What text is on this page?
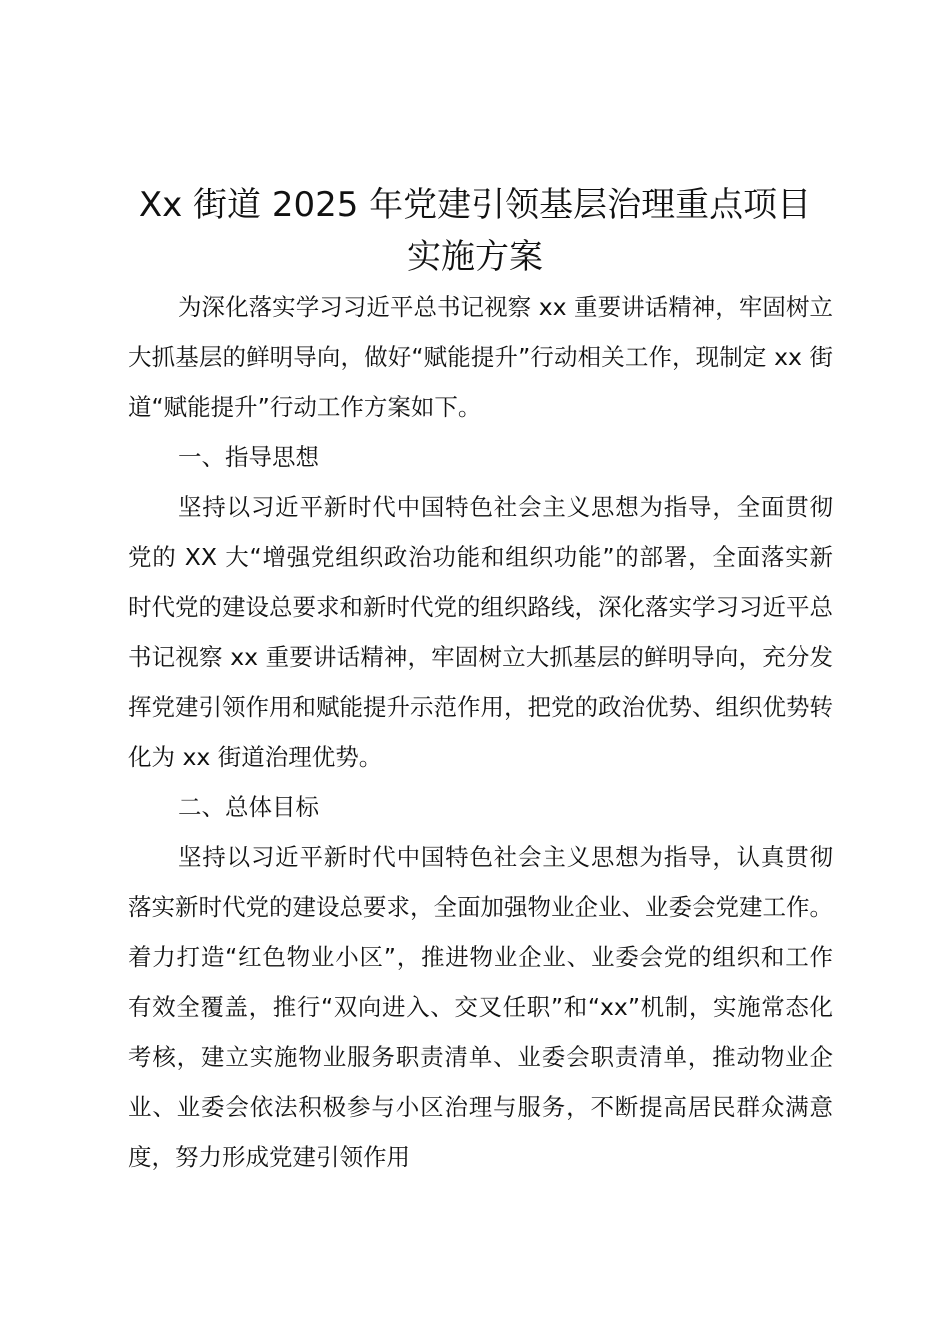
Xx 街道 2025 年党建引领基层治理重点项目
实施方案

为深化落实学习习近平总书记视察 xx 重要讲话精神，牢固树立大抓基层的鲜明导向，做好“赋能提升”行动相关工作，现制定 xx 街道“赋能提升”行动工作方案如下。

一、指导思想

坚持以习近平新时代中国特色社会主义思想为指导，全面贯彻党的 XX 大“增强党组织政治功能和组织功能”的部署，全面落实新时代党的建设总要求和新时代党的组织路线，深化落实学习习近平总书记视察 xx 重要讲话精神，牢固树立大抓基层的鲜明导向，充分发挥党建引领作用和赋能提升示范作用，把党的政治优势、组织优势转化为 xx 街道治理优势。

二、总体目标

坚持以习近平新时代中国特色社会主义思想为指导，认真贯彻落实新时代党的建设总要求，全面加强物业企业、业委会党建工作。着力打造“红色物业小区”，推进物业企业、业委会党的组织和工作有效全覆盖，推行“双向进入、交叉任职”和“xx”机制，实施常态化考核，建立实施物业服务职责清单、业委会职责清单，推动物业企业、业委会依法积极参与小区治理与服务，不断提高居民群众满意度，努力形成党建引领作用
